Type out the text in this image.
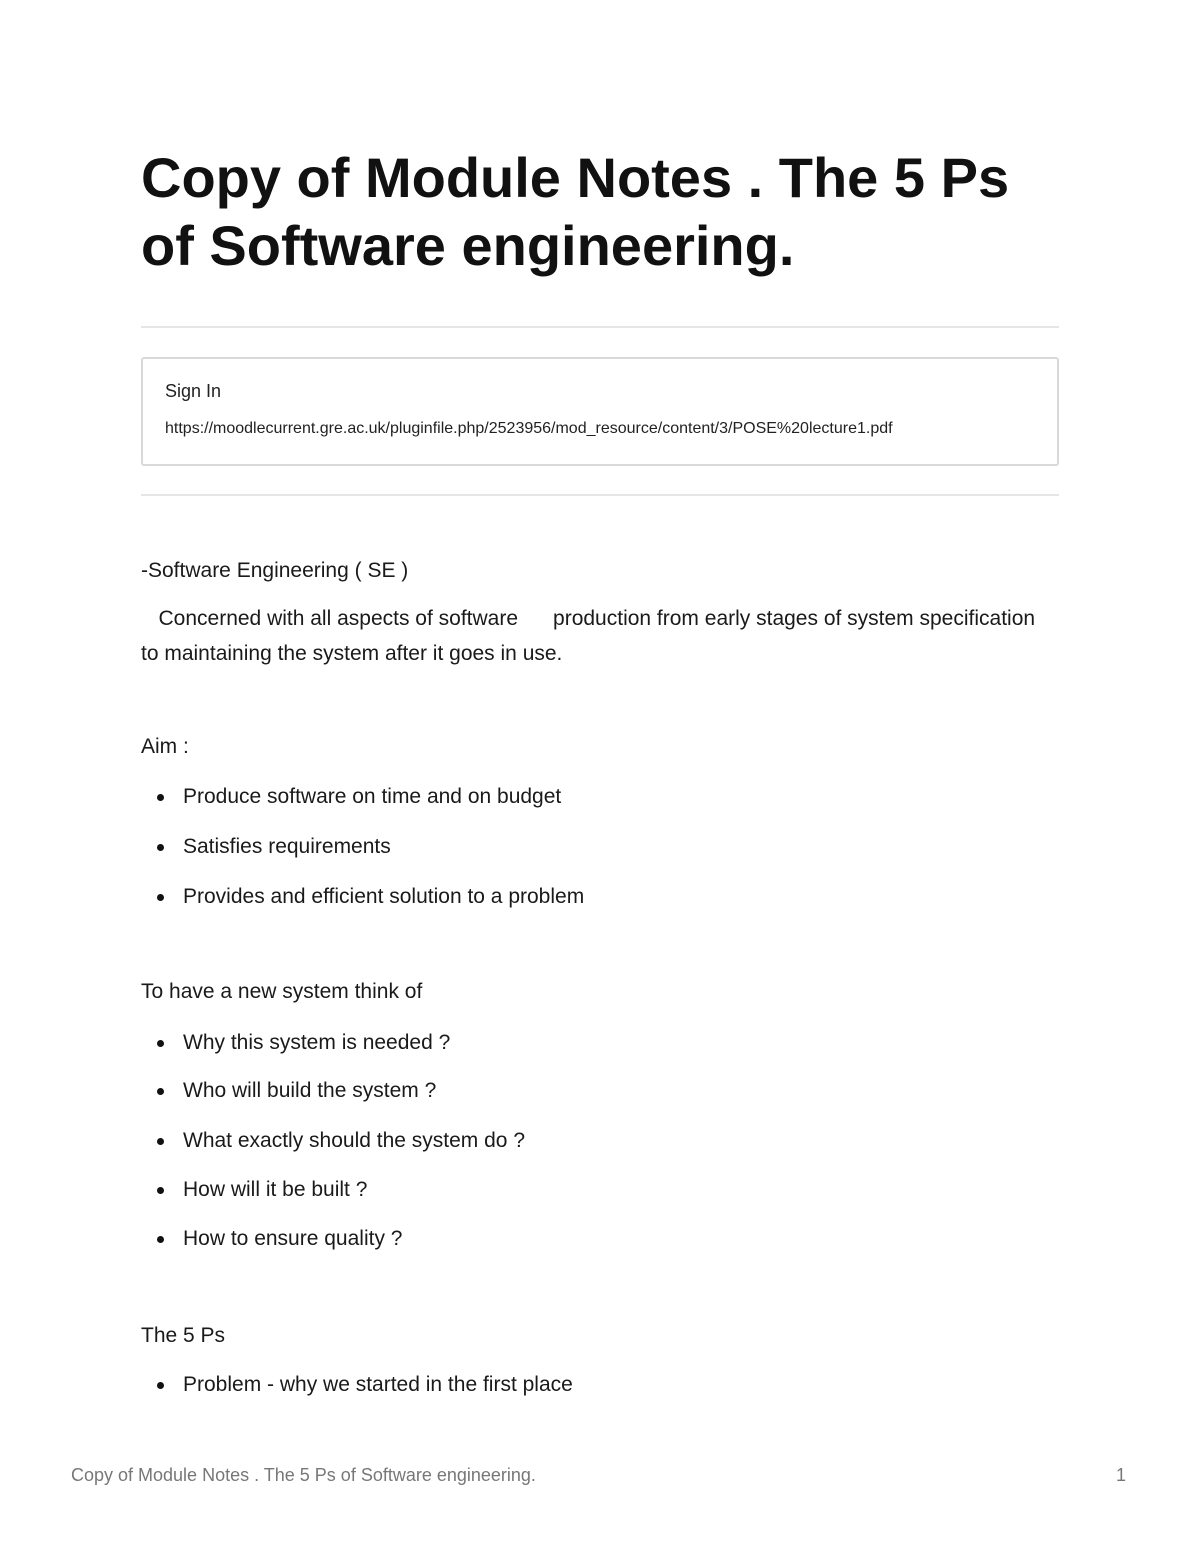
Copy of Module Notes . The 5 Ps of Software engineering.
Sign In
https://moodlecurrent.gre.ac.uk/pluginfile.php/2523956/mod_resource/content/3/POSE%20lecture1.pdf

-Software Engineering ( SE )

Concerned with all aspects of software      production from early stages of system specification to maintaining the system after it goes in use.

Aim :

Produce software on time and on budget
Satisfies requirements
Provides and efficient solution to a problem

To have a new system think of

Why this system is needed ?
Who will build the system ?
What exactly should the system do ?
How will it be built ?
How to ensure quality ?

The 5 Ps

Problem - why we started in the first place
Copy of Module Notes . The 5 Ps of Software engineering.	1
